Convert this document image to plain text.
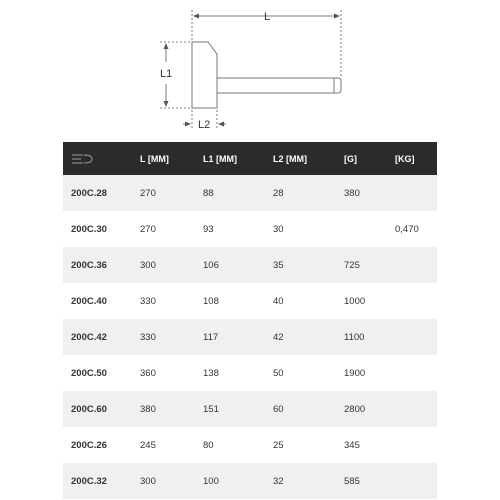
L
L1
L2
	L [MM]	L1 [MM]	L2 [MM]	[G]	[KG]
200C.28	270	88	28	380	
200C.30	270	93	30		0,470
200C.36	300	106	35	725	
200C.40	330	108	40	1000	
200C.42	330	117	42	1100	
200C.50	360	138	50	1900	
200C.60	380	151	60	2800	
200C.26	245	80	25	345	
200C.32	300	100	32	585	
